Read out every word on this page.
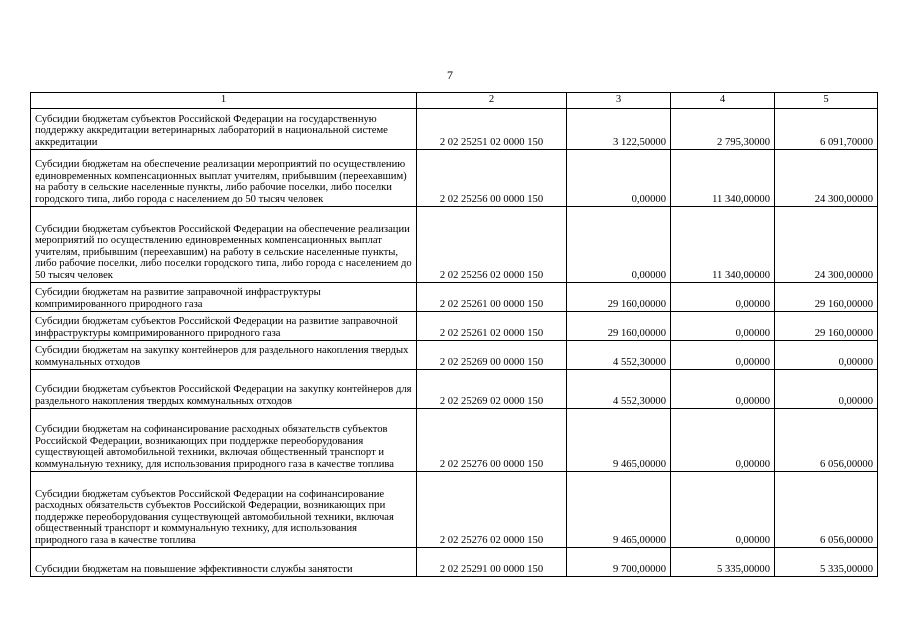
7
1	2	3	4	5
Субсидии бюджетам субъектов Российской Федерации на государственную поддержку аккредитации ветеринарных лабораторий в национальной системе аккредитации	2 02 25251 02 0000 150	3 122,50000	2 795,30000	6 091,70000
Субсидии бюджетам на обеспечение реализации мероприятий по осуществлению единовременных компенсационных выплат учителям, прибывшим (переехавшим) на работу в сельские населенные пункты, либо рабочие поселки, либо поселки городского типа, либо города с населением до 50 тысяч человек	2 02 25256 00 0000 150	0,00000	11 340,00000	24 300,00000
Субсидии бюджетам субъектов Российской Федерации на обеспечение реализации мероприятий по осуществлению единовременных компенсационных выплат учителям, прибывшим (переехавшим) на работу в сельские населенные пункты, либо рабочие поселки, либо поселки городского типа, либо города с населением до 50 тысяч человек	2 02 25256 02 0000 150	0,00000	11 340,00000	24 300,00000
Субсидии бюджетам на развитие заправочной инфраструктуры компримированного природного газа	2 02 25261 00 0000 150	29 160,00000	0,00000	29 160,00000
Субсидии бюджетам субъектов Российской Федерации на развитие заправочной инфраструктуры компримированного природного газа	2 02 25261 02 0000 150	29 160,00000	0,00000	29 160,00000
Субсидии бюджетам на закупку контейнеров для раздельного накопления твердых коммунальных отходов	2 02 25269 00 0000 150	4 552,30000	0,00000	0,00000
Субсидии бюджетам субъектов Российской Федерации на закупку контейнеров для раздельного накопления твердых коммунальных отходов	2 02 25269 02 0000 150	4 552,30000	0,00000	0,00000
Субсидии бюджетам на софинансирование расходных обязательств субъектов Российской Федерации, возникающих при поддержке переоборудования существующей автомобильной техники, включая общественный транспорт и коммунальную технику, для использования природного газа в качестве топлива	2 02 25276 00 0000 150	9 465,00000	0,00000	6 056,00000
Субсидии бюджетам субъектов Российской Федерации на софинансирование расходных обязательств субъектов Российской Федерации, возникающих при поддержке переоборудования существующей автомобильной техники, включая общественный транспорт и коммунальную технику, для использования природного газа в качестве топлива	2 02 25276 02 0000 150	9 465,00000	0,00000	6 056,00000
Субсидии бюджетам на повышение эффективности службы занятости	2 02 25291 00 0000 150	9 700,00000	5 335,00000	5 335,00000
